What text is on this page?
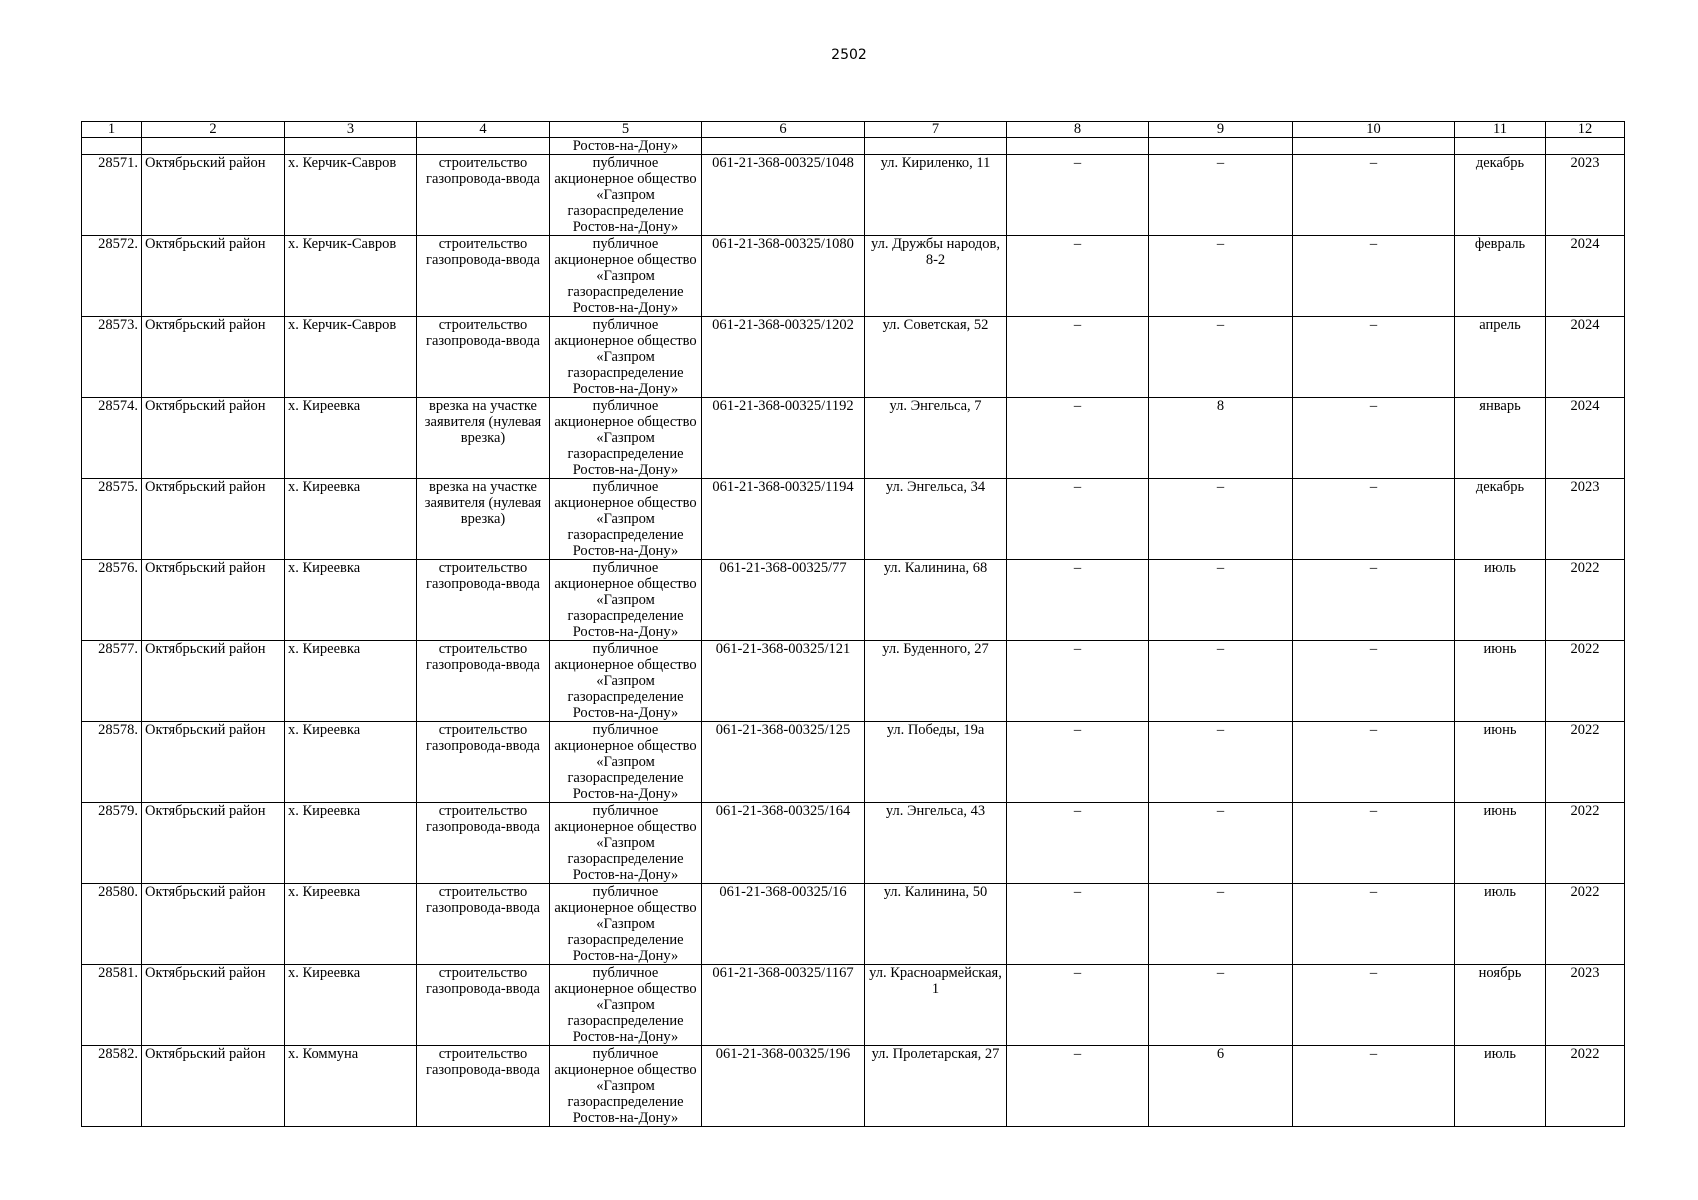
2502
1	2	3	4	5	6	7	8	9	10	11	12
				Ростов-на-Дону»							
28571.	Октябрьский район	х. Керчик-Савров	строительство газопровода-ввода	публичное акционерное общество «Газпром газораспределение Ростов-на-Дону»	061-21-368-00325/1048	ул. Кириленко, 11	–	–	–	декабрь	2023
28572.	Октябрьский район	х. Керчик-Савров	строительство газопровода-ввода	публичное акционерное общество «Газпром газораспределение Ростов-на-Дону»	061-21-368-00325/1080	ул. Дружбы народов, 8-2	–	–	–	февраль	2024
28573.	Октябрьский район	х. Керчик-Савров	строительство газопровода-ввода	публичное акционерное общество «Газпром газораспределение Ростов-на-Дону»	061-21-368-00325/1202	ул. Советская, 52	–	–	–	апрель	2024
28574.	Октябрьский район	х. Киреевка	врезка на участке заявителя (нулевая врезка)	публичное акционерное общество «Газпром газораспределение Ростов-на-Дону»	061-21-368-00325/1192	ул. Энгельса, 7	–	8	–	январь	2024
28575.	Октябрьский район	х. Киреевка	врезка на участке заявителя (нулевая врезка)	публичное акционерное общество «Газпром газораспределение Ростов-на-Дону»	061-21-368-00325/1194	ул. Энгельса, 34	–	–	–	декабрь	2023
28576.	Октябрьский район	х. Киреевка	строительство газопровода-ввода	публичное акционерное общество «Газпром газораспределение Ростов-на-Дону»	061-21-368-00325/77	ул. Калинина, 68	–	–	–	июль	2022
28577.	Октябрьский район	х. Киреевка	строительство газопровода-ввода	публичное акционерное общество «Газпром газораспределение Ростов-на-Дону»	061-21-368-00325/121	ул. Буденного, 27	–	–	–	июнь	2022
28578.	Октябрьский район	х. Киреевка	строительство газопровода-ввода	публичное акционерное общество «Газпром газораспределение Ростов-на-Дону»	061-21-368-00325/125	ул. Победы, 19а	–	–	–	июнь	2022
28579.	Октябрьский район	х. Киреевка	строительство газопровода-ввода	публичное акционерное общество «Газпром газораспределение Ростов-на-Дону»	061-21-368-00325/164	ул. Энгельса, 43	–	–	–	июнь	2022
28580.	Октябрьский район	х. Киреевка	строительство газопровода-ввода	публичное акционерное общество «Газпром газораспределение Ростов-на-Дону»	061-21-368-00325/16	ул. Калинина, 50	–	–	–	июль	2022
28581.	Октябрьский район	х. Киреевка	строительство газопровода-ввода	публичное акционерное общество «Газпром газораспределение Ростов-на-Дону»	061-21-368-00325/1167	ул. Красноармейская, 1	–	–	–	ноябрь	2023
28582.	Октябрьский район	х. Коммуна	строительство газопровода-ввода	публичное акционерное общество «Газпром газораспределение Ростов-на-Дону»	061-21-368-00325/196	ул. Пролетарская, 27	–	6	–	июль	2022
